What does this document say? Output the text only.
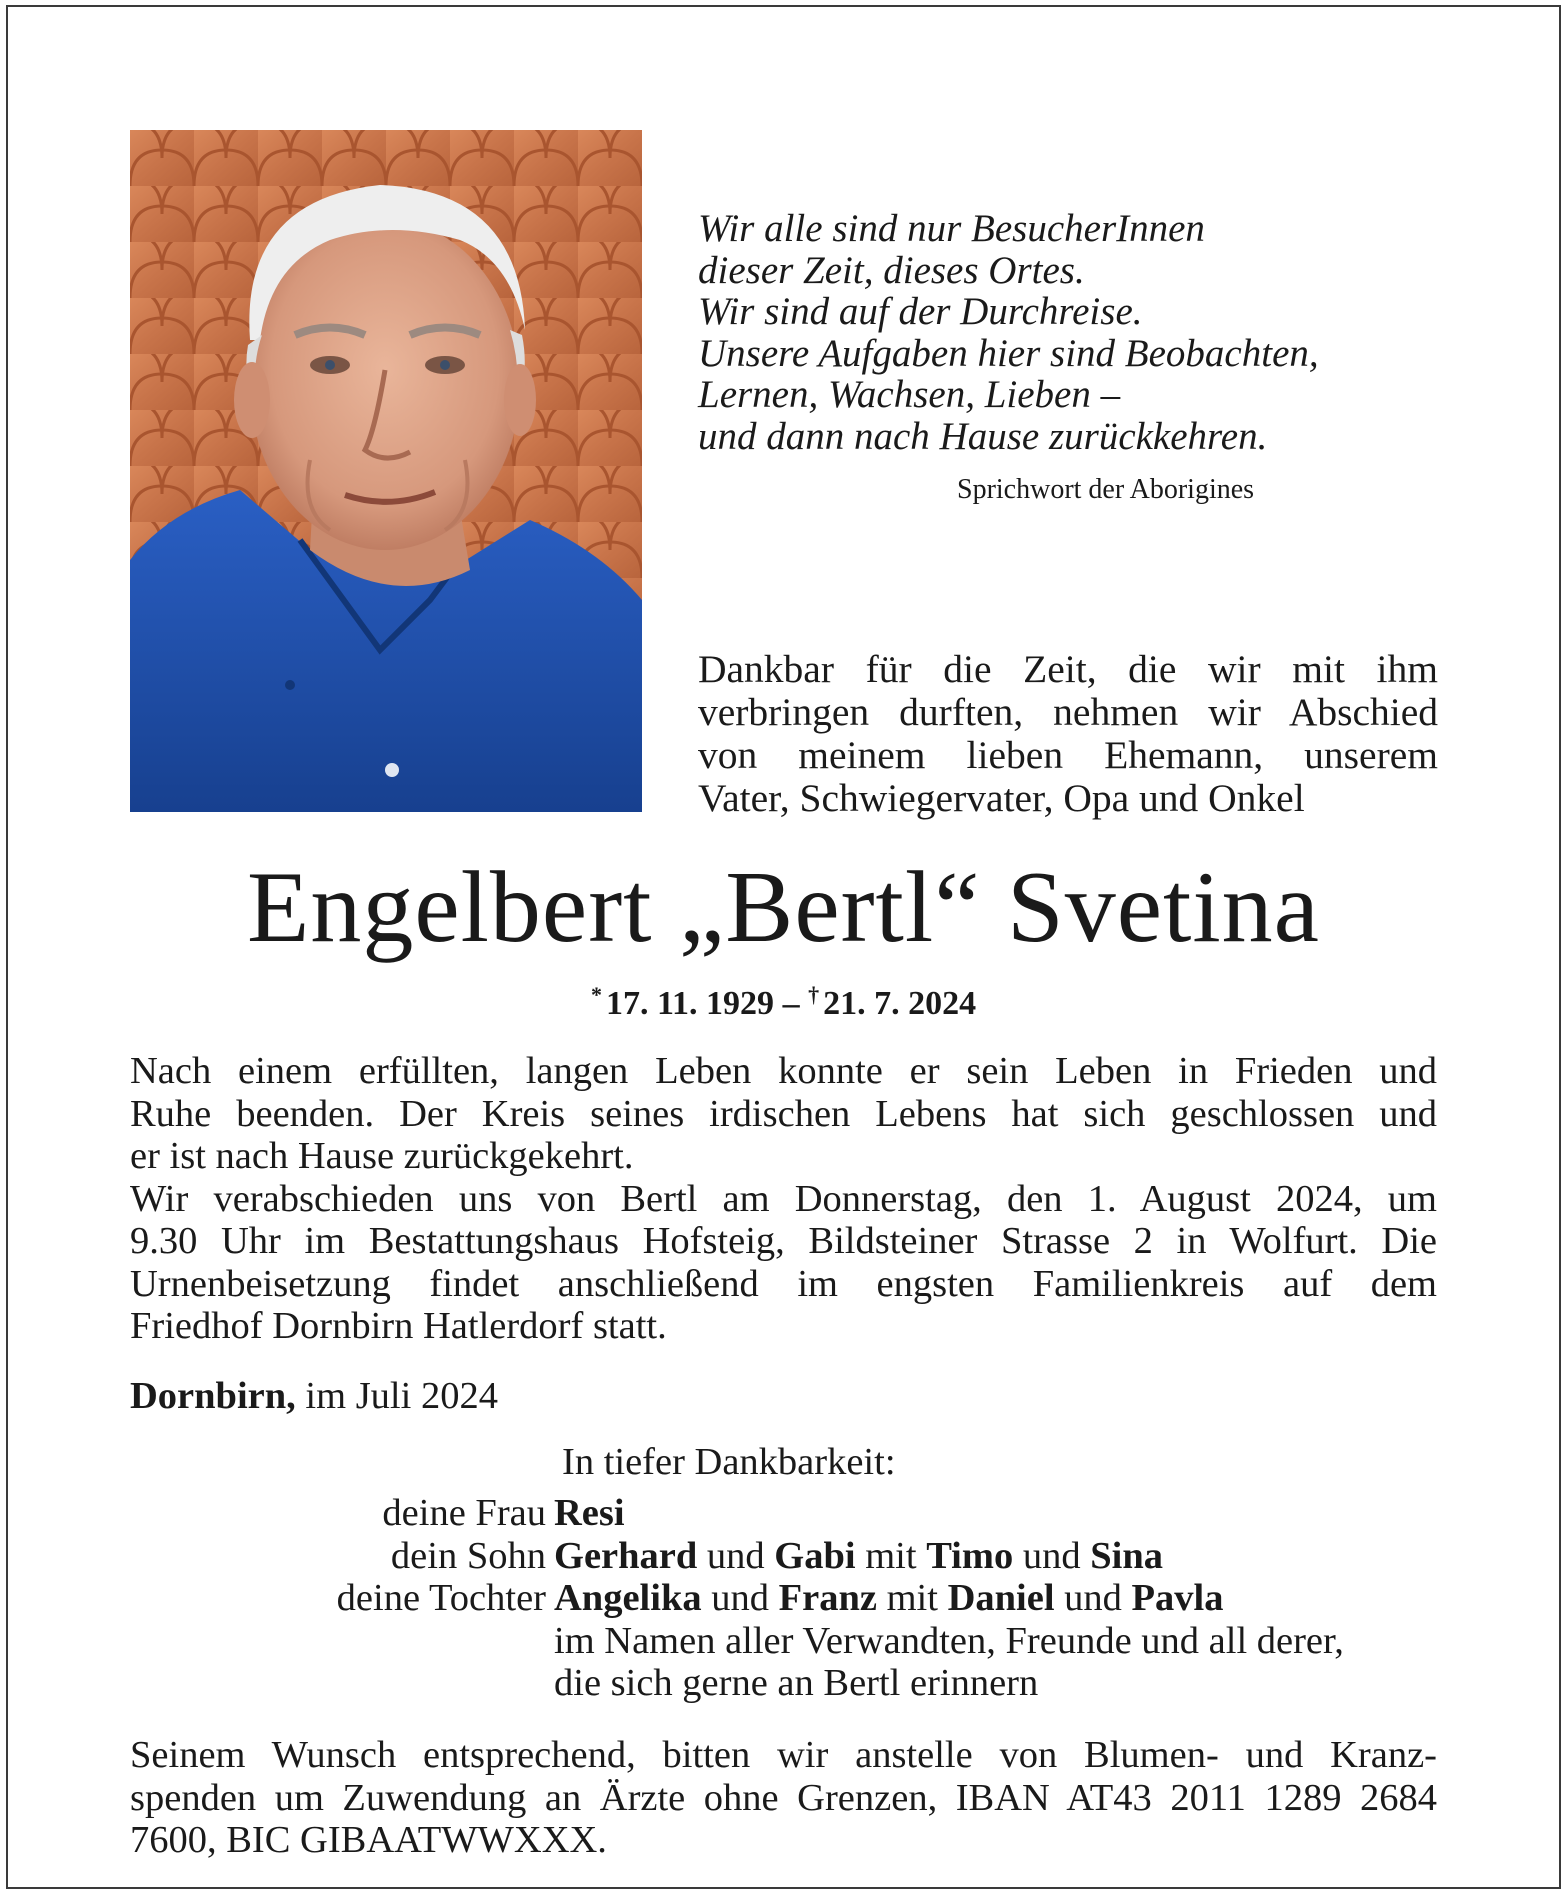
Wir alle sind nur BesucherInnen
dieser Zeit, dieses Ortes.
Wir sind auf der Durchreise.
Unsere Aufgaben hier sind Beobachten,
Lernen, Wachsen, Lieben –
und dann nach Hause zurückkehren.
Sprichwort der Aborigines
Dankbar für die Zeit, die wir mit ihm
verbringen durften, nehmen wir Abschied
von meinem lieben Ehemann, unserem
Vater, Schwiegervater, Opa und Onkel
Engelbert „Bertl“ Svetina
* 17. 11. 1929 – † 21. 7. 2024
Nach einem erfüllten, langen Leben konnte er sein Leben in Frieden und
Ruhe beenden. Der Kreis seines irdischen Lebens hat sich geschlossen und
er ist nach Hause zurückgekehrt.
Wir verabschieden uns von Bertl am Donnerstag, den 1. August 2024, um
9.30 Uhr im Bestattungshaus Hofsteig, Bildsteiner Strasse 2 in Wolfurt. Die
Urnenbeisetzung findet anschließend im engsten Familienkreis auf dem
Friedhof Dornbirn Hatlerdorf statt.
Dornbirn, im Juli 2024
In tiefer Dankbarkeit:
deine Frau Resi
dein Sohn Gerhard und Gabi mit Timo und Sina
deine Tochter Angelika und Franz mit Daniel und Pavla
im Namen aller Verwandten, Freunde und all derer,
die sich gerne an Bertl erinnern
Seinem Wunsch entsprechend, bitten wir anstelle von Blumen- und Kranz-
spenden um Zuwendung an Ärzte ohne Grenzen, IBAN AT43 2011 1289 2684
7600, BIC GIBAATWWXXX.
